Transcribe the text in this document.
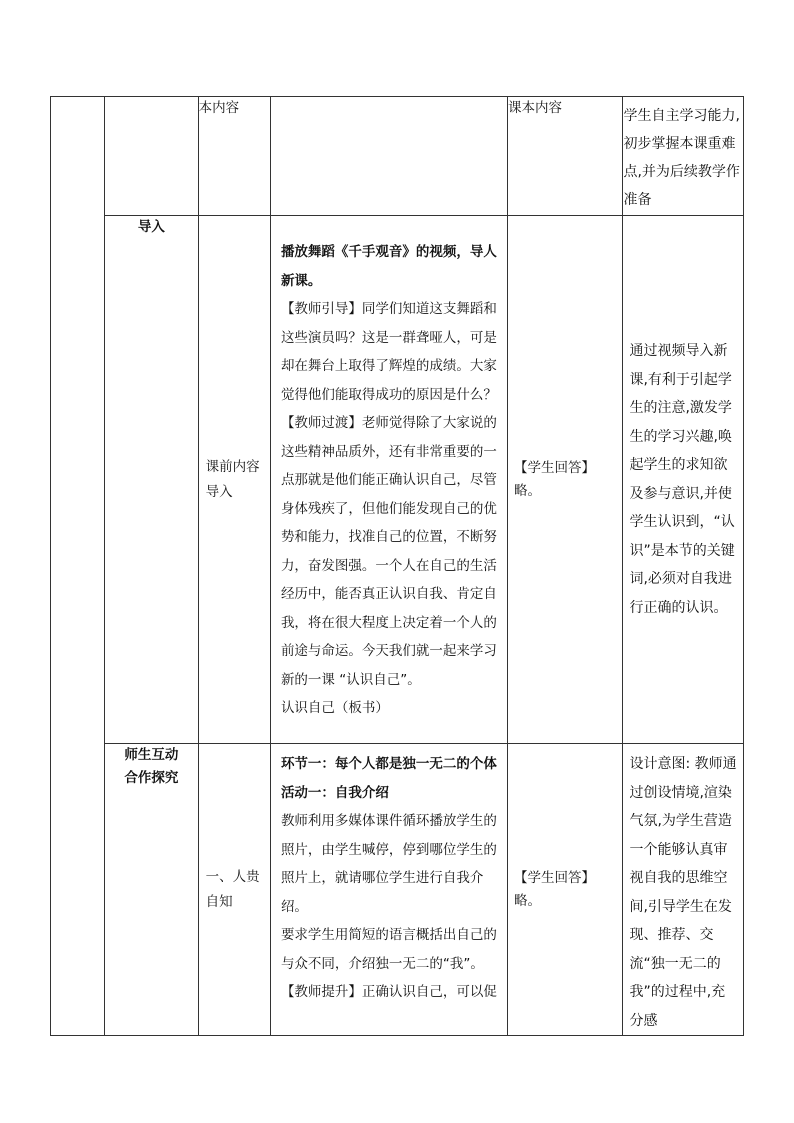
		本内容		课本内容	学生自主学习能力,初步掌握本课重难点,并为后续教学作准备
	导入	课前内容导入	播放舞蹈《千手观音》的视频，导人新课。
【教师引导】同学们知道这支舞蹈和这些演员吗？这是一群聋哑人，可是却在舞台上取得了辉煌的成绩。大家觉得他们能取得成功的原因是什么？
【教师过渡】老师觉得除了大家说的这些精神品质外，还有非常重要的一点那就是他们能正确认识自己，尽管身体残疾了，但他们能发现自己的优势和能力，找准自己的位置，不断努力，奋发图强。一个人在自己的生活经历中，能否真正认识自我、肯定自我，将在很大程度上决定着一个人的前途与命运。今天我们就一起来学习新的一课 “认识自己”。
认识自己（板书）	【学生回答】略。	通过视频导入新课,有利于引起学生的注意,激发学生的学习兴趣,唤起学生的求知欲及参与意识,并使学生认识到，“认识”是本节的关键词,必须对自我进行正确的认识。

	师生互动
合作探究	一、人贵自知	环节一：每个人都是独一无二的个体
活动一：自我介绍
教师利用多媒体课件循环播放学生的照片，由学生喊停，停到哪位学生的照片上，就请哪位学生进行自我介绍。
要求学生用简短的语言概括出自己的与众不同，介绍独一无二的“我”。
【教师提升】正确认识自己，可以促	【学生回答】略。	设计意图: 教师通过创设情境,渲染气氛,为学生营造一个能够认真审视自我的思维空间,引导学生在发现、推荐、交流“独一无二的我”的过程中,充分感
